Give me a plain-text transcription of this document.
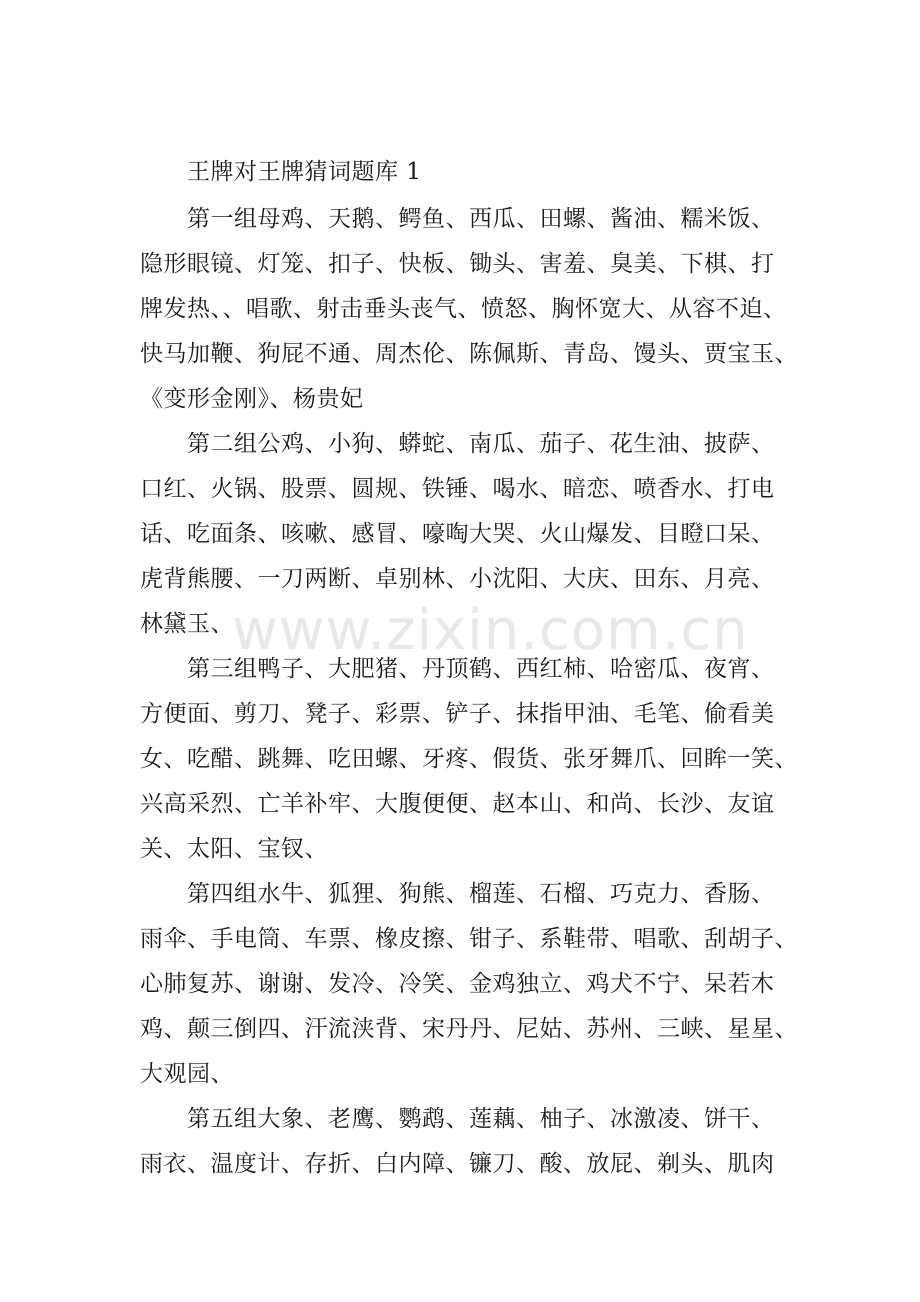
www.zixin.com.cn
王牌对王牌猜词题库 1
第一组母鸡、天鹅、鳄鱼、西瓜、田螺、酱油、糯米饭、
隐形眼镜、灯笼、扣子、快板、锄头、害羞、臭美、下棋、打
牌发热、、唱歌、射击垂头丧气、愤怒、胸怀宽大、从容不迫、
快马加鞭、狗屁不通、周杰伦、陈佩斯、青岛、馒头、贾宝玉、
《变形金刚》、杨贵妃
第二组公鸡、小狗、蟒蛇、南瓜、茄子、花生油、披萨、
口红、火锅、股票、圆规、铁锤、喝水、暗恋、喷香水、打电
话、吃面条、咳嗽、感冒、嚎啕大哭、火山爆发、目瞪口呆、
虎背熊腰、一刀两断、卓别林、小沈阳、大庆、田东、月亮、
林黛玉、
第三组鸭子、大肥猪、丹顶鹤、西红柿、哈密瓜、夜宵、
方便面、剪刀、凳子、彩票、铲子、抹指甲油、毛笔、偷看美
女、吃醋、跳舞、吃田螺、牙疼、假货、张牙舞爪、回眸一笑、
兴高采烈、亡羊补牢、大腹便便、赵本山、和尚、长沙、友谊
关、太阳、宝钗、
第四组水牛、狐狸、狗熊、榴莲、石榴、巧克力、香肠、
雨伞、手电筒、车票、橡皮擦、钳子、系鞋带、唱歌、刮胡子、
心肺复苏、谢谢、发冷、冷笑、金鸡独立、鸡犬不宁、呆若木
鸡、颠三倒四、汗流浃背、宋丹丹、尼姑、苏州、三峡、星星、
大观园、
第五组大象、老鹰、鹦鹉、莲藕、柚子、冰激凌、饼干、
雨衣、温度计、存折、白内障、镰刀、酸、放屁、剃头、肌肉
